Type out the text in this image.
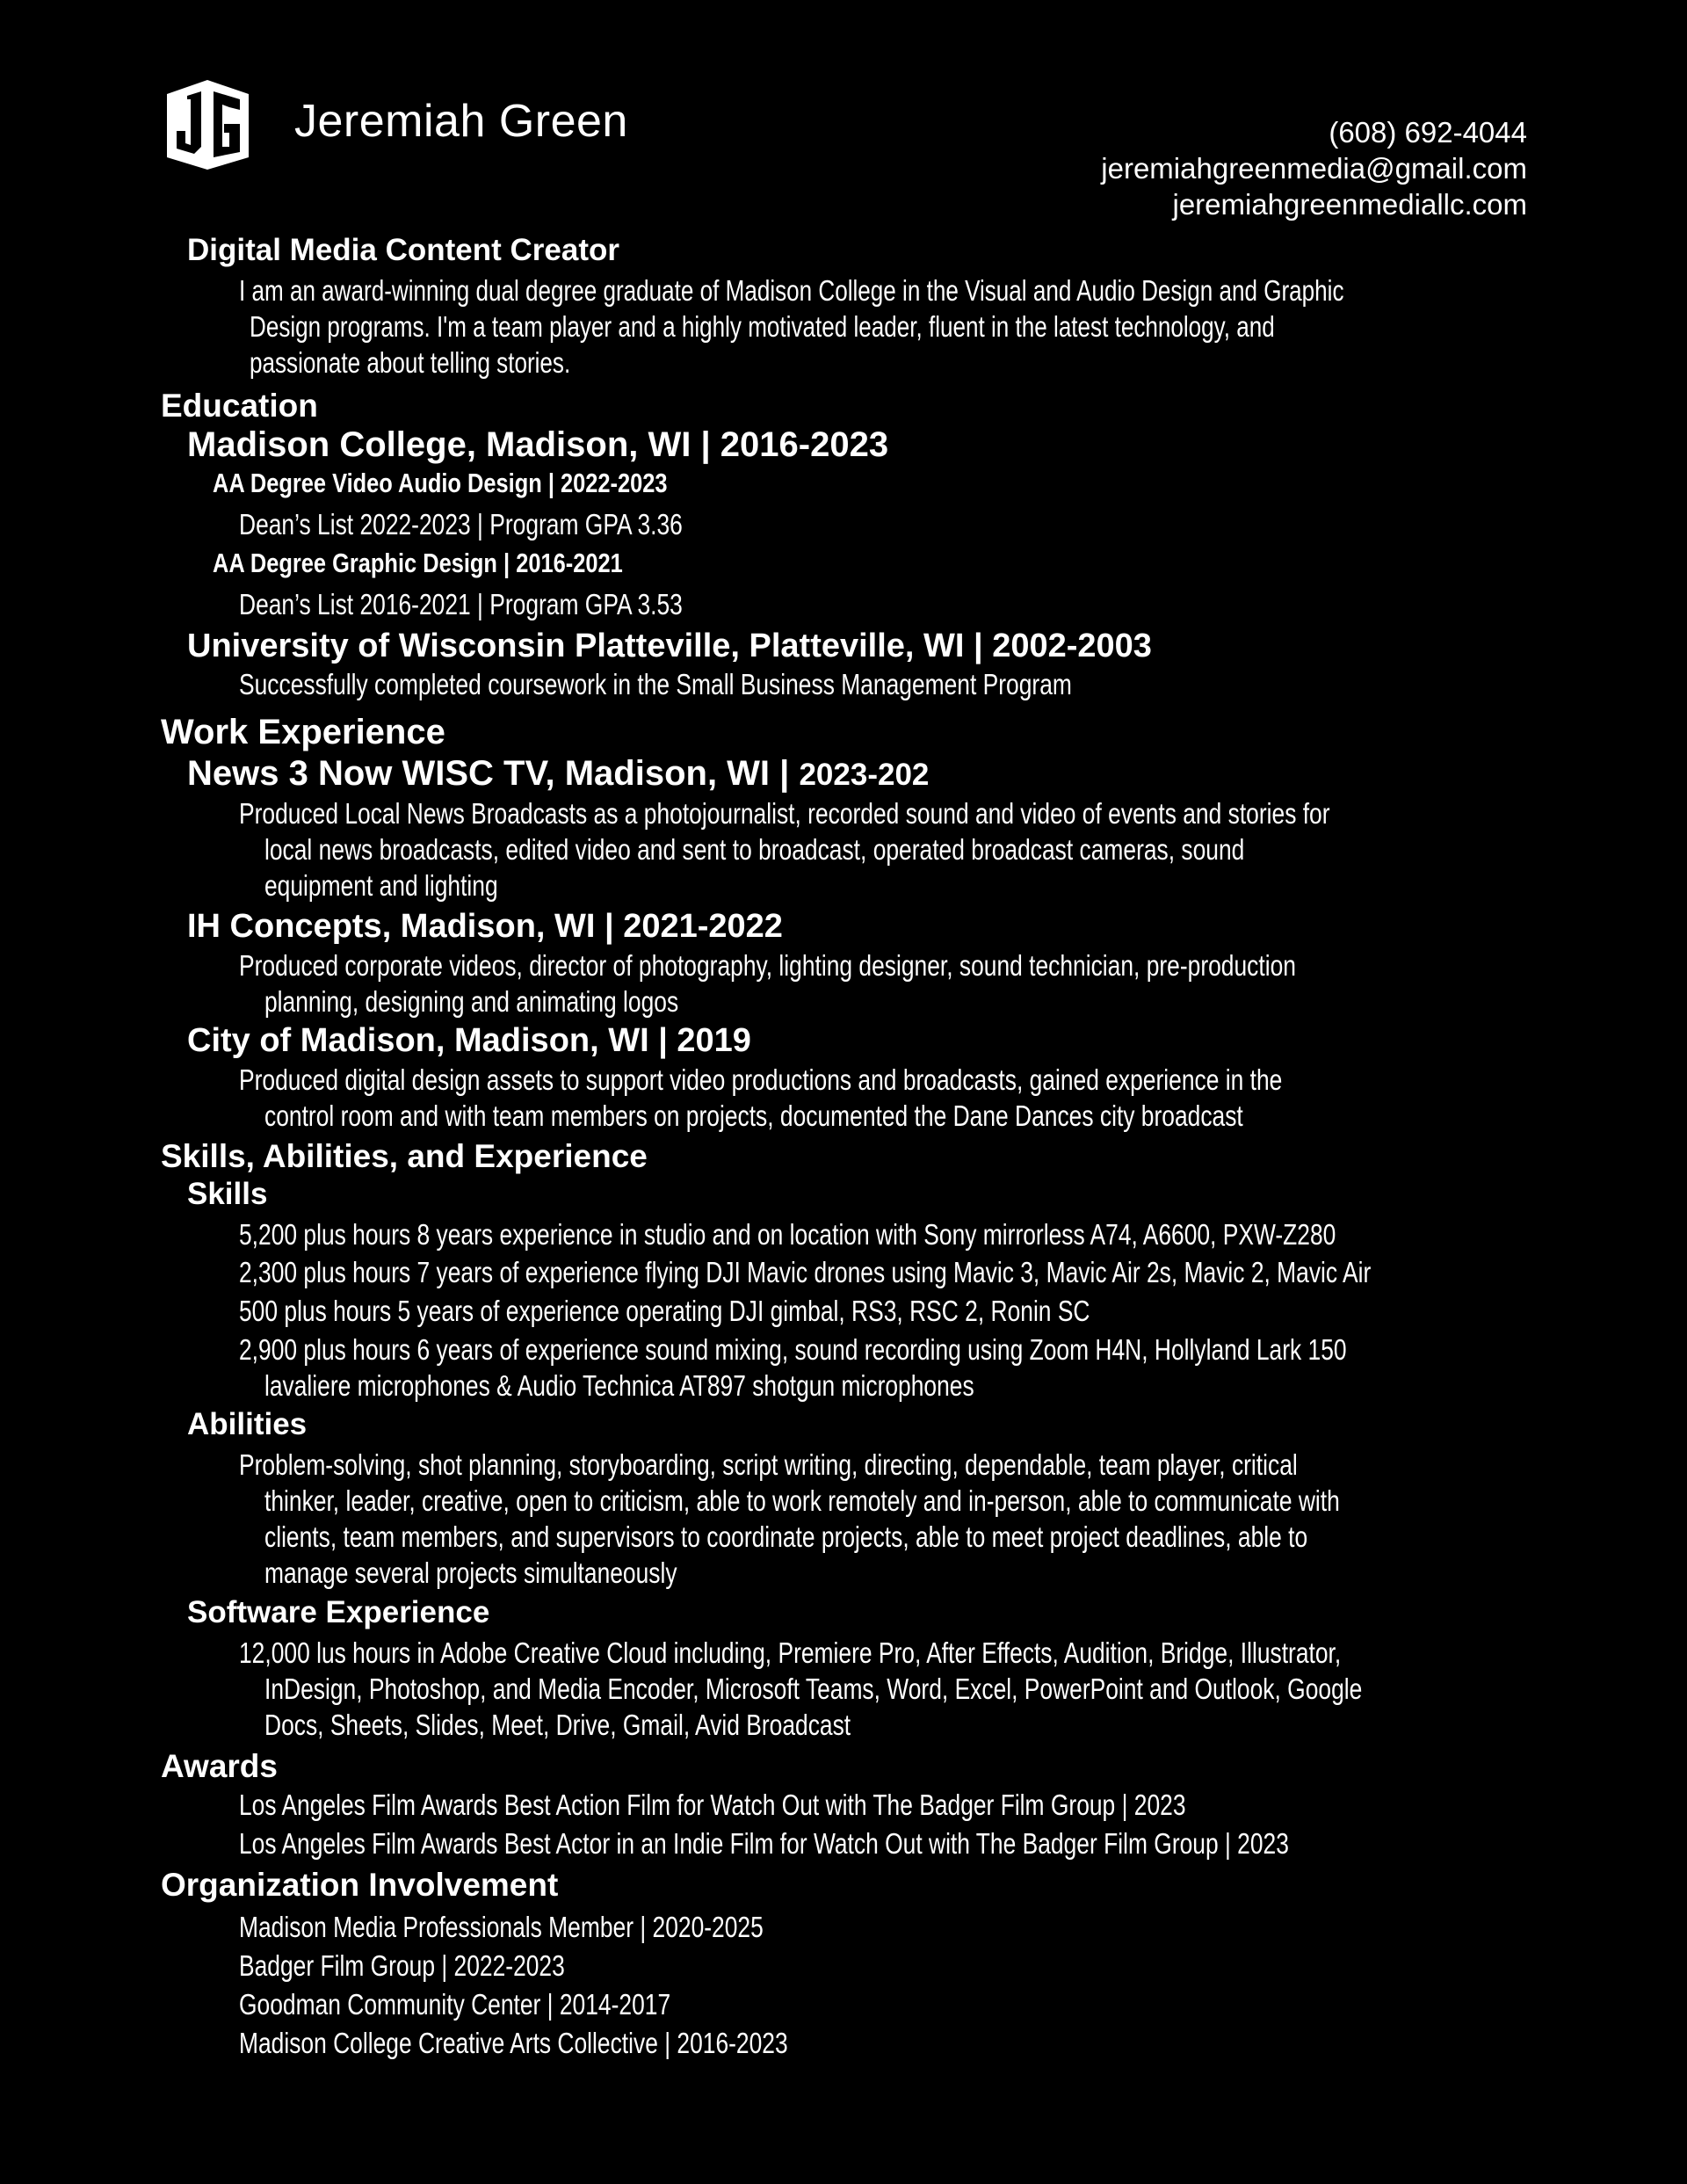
Jeremiah Green	(608) 692-4044
jeremiahgreenmedia@gmail.com
jeremiahgreenmediallc.com
Digital Media Content Creator
I am an award-winning dual degree graduate of Madison College in the Visual and Audio Design and Graphic
Design programs. I'm a team player and a highly motivated leader, fluent in the latest technology, and
passionate about telling stories.
Education
Madison College, Madison, WI | 2016-2023
AA Degree Video Audio Design | 2022-2023
Dean’s List 2022-2023 | Program GPA 3.36
AA Degree Graphic Design | 2016-2021
Dean’s List 2016-2021 | Program GPA 3.53
University of Wisconsin Platteville, Platteville, WI | 2002-2003
Successfully completed coursework in the Small Business Management Program
Work Experience
News 3 Now WISC TV, Madison, WI | 2023-202
Produced Local News Broadcasts as a photojournalist, recorded sound and video of events and stories for
local news broadcasts, edited video and sent to broadcast, operated broadcast cameras, sound
equipment and lighting
IH Concepts, Madison, WI | 2021-2022
Produced corporate videos, director of photography, lighting designer, sound technician, pre-production
planning, designing and animating logos
City of Madison, Madison, WI | 2019
Produced digital design assets to support video productions and broadcasts, gained experience in the
control room and with team members on projects, documented the Dane Dances city broadcast
Skills, Abilities, and Experience
Skills
5,200 plus hours 8 years experience in studio and on location with Sony mirrorless A74, A6600, PXW-Z280
2,300 plus hours 7 years of experience flying DJI Mavic drones using Mavic 3, Mavic Air 2s, Mavic 2, Mavic Air
500 plus hours 5 years of experience operating DJI gimbal, RS3, RSC 2, Ronin SC
2,900 plus hours 6 years of experience sound mixing, sound recording using Zoom H4N, Hollyland Lark 150
lavaliere microphones & Audio Technica AT897 shotgun microphones
Abilities
Problem-solving, shot planning, storyboarding, script writing, directing, dependable, team player, critical
thinker, leader, creative, open to criticism, able to work remotely and in-person, able to communicate with
clients, team members, and supervisors to coordinate projects, able to meet project deadlines, able to
manage several projects simultaneously
Software Experience
12,000 lus hours in Adobe Creative Cloud including, Premiere Pro, After Effects, Audition, Bridge, Illustrator,
InDesign, Photoshop, and Media Encoder, Microsoft Teams, Word, Excel, PowerPoint and Outlook, Google
Docs, Sheets, Slides, Meet, Drive, Gmail, Avid Broadcast
Awards
Los Angeles Film Awards Best Action Film for Watch Out with The Badger Film Group | 2023
Los Angeles Film Awards Best Actor in an Indie Film for Watch Out with The Badger Film Group | 2023
Organization Involvement
Madison Media Professionals Member | 2020-2025
Badger Film Group | 2022-2023
Goodman Community Center | 2014-2017
Madison College Creative Arts Collective | 2016-2023
